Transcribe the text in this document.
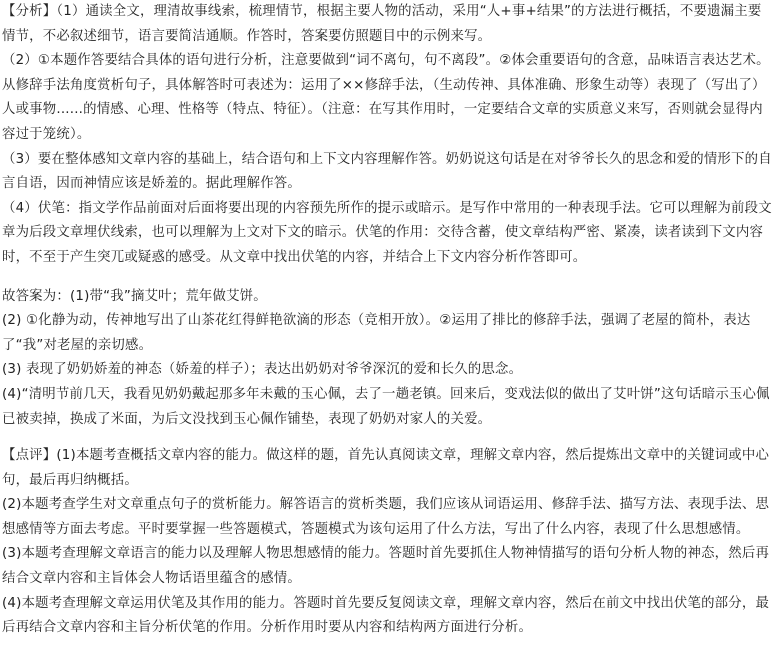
【分析】（1）通读全文，理清故事线索，梳理情节，根据主要人物的活动，采用“人+事+结果”的方法进行概括，不要遗漏主要情节，不必叙述细节，语言要简洁通顺。作答时，答案要仿照题目中的示例来写。

（2）①本题作答要结合具体的语句进行分析，注意要做到“词不离句，句不离段”。②体会重要语句的含意，品味语言表达艺术。从修辞手法角度赏析句子，具体解答时可表述为：运用了××修辞手法，（生动传神、具体准确、形象生动等）表现了（写出了）人或事物......的情感、心理、性格等（特点、特征）。（注意：在写其作用时，一定要结合文章的实质意义来写，否则就会显得内容过于笼统）。

（3）要在整体感知文章内容的基础上，结合语句和上下文内容理解作答。奶奶说这句话是在对爷爷长久的思念和爱的情形下的自言自语，因而神情应该是娇羞的。据此理解作答。

（4）伏笔：指文学作品前面对后面将要出现的内容预先所作的提示或暗示。是写作中常用的一种表现手法。它可以理解为前段文章为后段文章埋伏线索，也可以理解为上文对下文的暗示。伏笔的作用：交待含蓄，使文章结构严密、紧凑，读者读到下文内容时，不至于产生突兀或疑惑的感受。从文章中找出伏笔的内容，并结合上下文内容分析作答即可。

故答案为：(1)带“我”摘艾叶；荒年做艾饼。

(2) ①化静为动，传神地写出了山茶花红得鲜艳欲滴的形态（竞相开放）。②运用了排比的修辞手法，强调了老屋的简朴，表达了“我”对老屋的亲切感。

(3) 表现了奶奶娇羞的神态（娇羞的样子）；表达出奶奶对爷爷深沉的爱和长久的思念。

(4)“清明节前几天，我看见奶奶戴起那多年未戴的玉心佩，去了一趟老镇。回来后，变戏法似的做出了艾叶饼”这句话暗示玉心佩已被卖掉，换成了米面，为后文没找到玉心佩作铺垫，表现了奶奶对家人的关爱。

【点评】(1)本题考查概括文章内容的能力。做这样的题，首先认真阅读文章，理解文章内容，然后提炼出文章中的关键词或中心句，最后再归纳概括。

(2)本题考查学生对文章重点句子的赏析能力。解答语言的赏析类题，我们应该从词语运用、修辞手法、描写方法、表现手法、思想感情等方面去考虑。平时要掌握一些答题模式，答题模式为该句运用了什么方法，写出了什么内容，表现了什么思想感情。

(3)本题考查理解文章语言的能力以及理解人物思想感情的能力。答题时首先要抓住人物神情描写的语句分析人物的神态，然后再结合文章内容和主旨体会人物话语里蕴含的感情。

(4)本题考查理解文章运用伏笔及其作用的能力。答题时首先要反复阅读文章，理解文章内容，然后在前文中找出伏笔的部分，最后再结合文章内容和主旨分析伏笔的作用。分析作用时要从内容和结构两方面进行分析。
